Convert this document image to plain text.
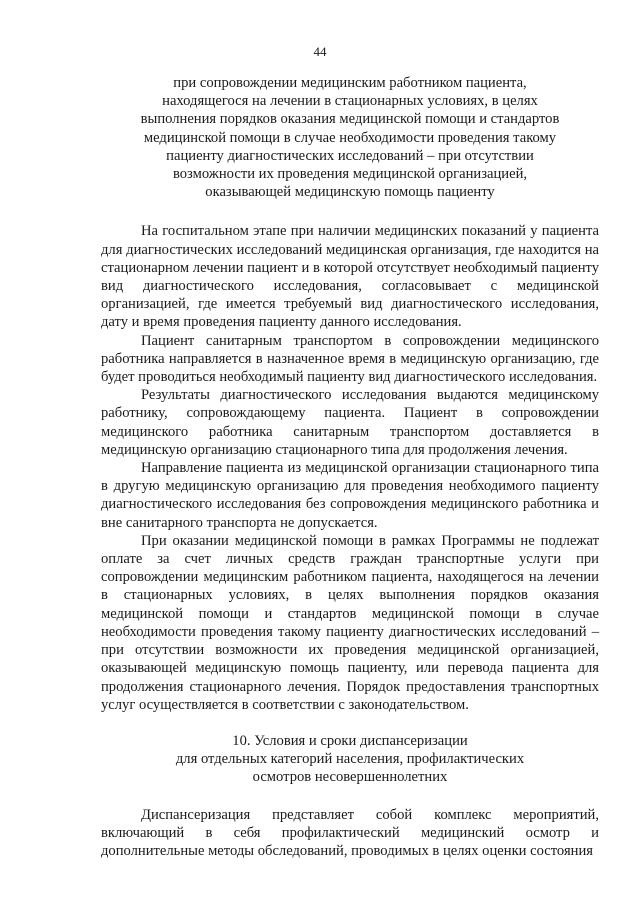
44
при сопровождении медицинским работником пациента,
находящегося на лечении в стационарных условиях, в целях
выполнения порядков оказания медицинской помощи и стандартов
медицинской помощи в случае необходимости проведения такому
пациенту диагностических исследований – при отсутствии
возможности их проведения медицинской организацией,
оказывающей медицинскую помощь пациенту

На госпитальном этапе при наличии медицинских показаний у пациента для диагностических исследований медицинская организация, где находится на стационарном лечении пациент и в которой отсутствует необходимый пациенту вид диагностического исследования, согласовывает с медицинской организацией, где имеется требуемый вид диагностического исследования, дату и время проведения пациенту данного исследования.

Пациент санитарным транспортом в сопровождении медицинского работника направляется в назначенное время в медицинскую организацию, где будет проводиться необходимый пациенту вид диагностического исследования.

Результаты диагностического исследования выдаются медицинскому работнику, сопровождающему пациента. Пациент в сопровождении медицинского работника санитарным транспортом доставляется в медицинскую организацию стационарного типа для продолжения лечения.

Направление пациента из медицинской организации стационарного типа в другую медицинскую организацию для проведения необходимого пациенту диагностического исследования без сопровождения медицинского работника и вне санитарного транспорта не допускается.

При оказании медицинской помощи в рамках Программы не подлежат оплате за счет личных средств граждан транспортные услуги при сопровождении медицинским работником пациента, находящегося на лечении в стационарных условиях, в целях выполнения порядков оказания медицинской помощи и стандартов медицинской помощи в случае необходимости проведения такому пациенту диагностических исследований – при отсутствии возможности их проведения медицинской организацией, оказывающей медицинскую помощь пациенту, или перевода пациента для продолжения стационарного лечения. Порядок предоставления транспортных услуг осуществляется в соответствии с законодательством.

10. Условия и сроки диспансеризации
для отдельных категорий населения, профилактических
осмотров несовершеннолетних

Диспансеризация представляет собой комплекс мероприятий, включающий в себя профилактический медицинский осмотр и дополнительные методы обследований, проводимых в целях оценки состояния
